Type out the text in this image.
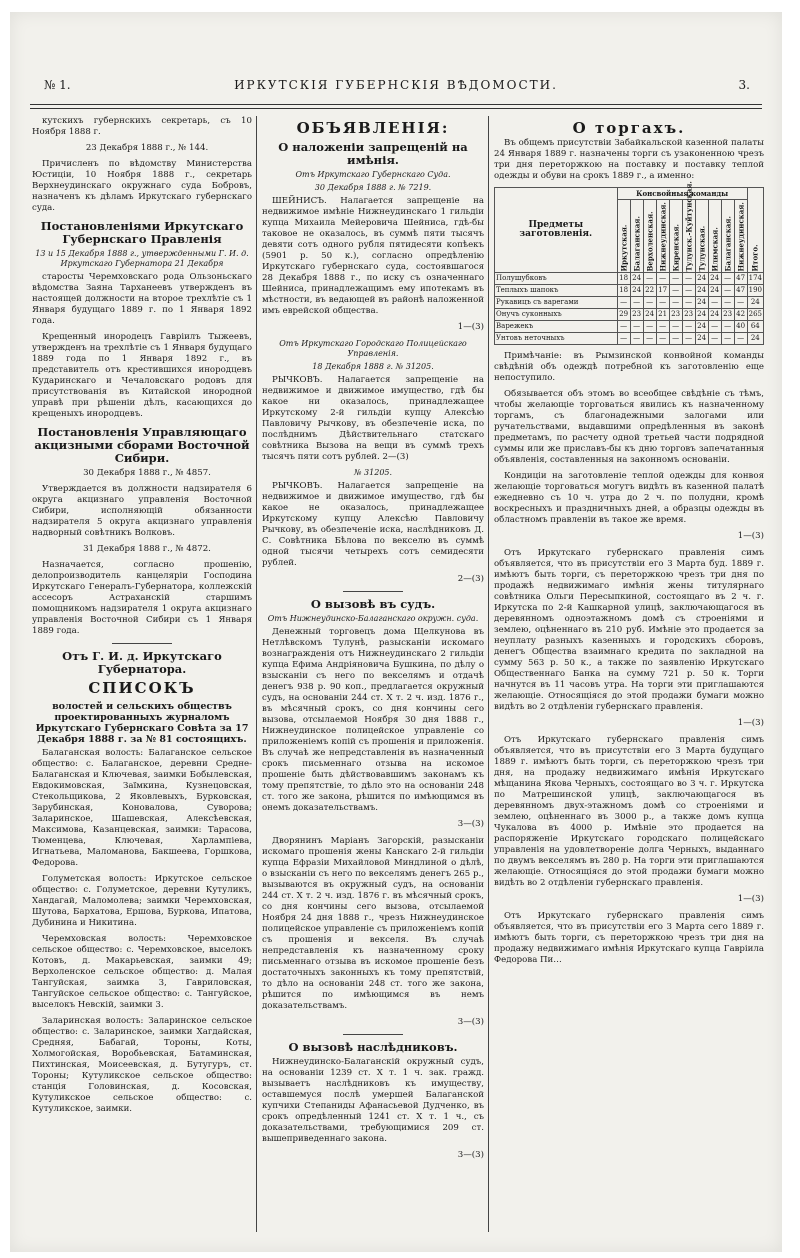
№ 1.	ИРКУТСКІЯ ГУБЕРНСКІЯ ВѢДОМОСТИ.	3.

кутскихъ губернскихъ секретарь, съ 10 Ноября 1888 г.

23 Декабря 1888 г., № 144.

Причисленъ по вѣдомству Министерства Юстиціи, 10 Ноября 1888 г., секретарь Верхнеудинскаго окружнаго суда Бобровъ, назначенъ къ дѣламъ Иркутскаго губернскаго суда.

Постановленіями Иркутскаго Губернскаго Правленія
13 и 15 Декабря 1888 г., утвержденными Г. И. д. Иркутскаго Губернатора 21 Декабря

старосты Черемховскаго рода Ользоньскаго вѣдомства Заяна Тарханеевъ утвержденъ въ настоящей должности на второе трехлѣтіе съ 1 Января будущаго 1889 г. по 1 Января 1892 года.

Крещенный инородецъ Гавріилъ Тыжеевъ, утвержденъ на трехлѣтіе съ 1 Января будущаго 1889 года по 1 Января 1892 г., въ представитель отъ крестившихся инородцевъ Кударинскаго и Чечаловскаго родовъ для присутствованія въ Китайской инородной управѣ при рѣшеніи дѣлъ, касающихся до крещеныхъ инородцевъ.

Постановленія Управляющаго акцизными сборами Восточной Сибири.

30 Декабря 1888 г., № 4857.

Утверждается въ должности надзирателя 6 округа акцизнаго управленія Восточной Сибири, исполняющій обязанности надзирателя 5 округа акцизнаго управленія надворный совѣтникъ Волковъ.

31 Декабря 1888 г., № 4872.

Назначается, согласно прошенію, делопроизводитель канцеляріи Господина Иркутскаго Генералъ-Губернатора, коллежскій ассесоръ Астраханскій старшимъ помощникомъ надзирателя 1 округа акцизнаго управленія Восточной Сибири съ 1 Января 1889 года.

Отъ Г. И. д. Иркутскаго Губернатора.
СПИСОКЪ
волостей и сельскихъ обществъ проектированныхъ журналомъ Иркутскаго Губернскаго Совѣта за 17 Декабря 1888 г. за № 81 состоящихъ.

Балаганская волость: Балаганское сельское общество: с. Балаганское, деревни Средне-Балаганская и Ключевая, заимки Бобылевская, Евдокимовская, Заїмкина, Кузнецовская, Стекольщикова, 2 Яковлевыхъ, Бурковская, Зарубинская, Коновалова, Суворова; Заларинское, Шашевская, Алексѣевская, Максимова, Казанцевская, заимки: Тарасова, Тюменцева, Ключевая, Харлампіева, Игнатьева, Маломанова, Бакшеева, Горшкова, Федорова.

Голуметская волость: Иркутское сельское общество: с. Голуметское, деревни Кутуликъ, Хандагай, Маломолева; заимки Черемховская, Шутова, Бархатова, Ершова, Буркова, Ипатова, Дубинина и Никитина.

Черемховская волость: Черемховское сельское общество: с. Черемховское, выселокъ Котовъ, д. Макарьевская, заимки 49; Верхоленское сельское общество: д. Малая Тангуйская, заимка 3, Гавриловская, Тангуйское сельское общество: с. Тангуйское, выселокъ Невскій, заимки 3.

Заларинская волость: Заларинское сельское общество: с. Заларинское, заимки Хагдайская, Средняя, Бабагай, Тороны, Коты, Холмогойская, Воробьевская, Батаминская, Пихтинская, Моисеевская, д. Бутугуръ, ст. Тороны; Кутуликское сельское общество: станція Головинская, д. Косовская, Кутуликское сельское общество: с. Кутуликское, заимки.

ОБЪЯВЛЕНІЯ:
О наложеніи запрещеній на имѣнія.
Отъ Иркутскаго Губернскаго Суда.
30 Декабря 1888 г. № 7219.

ШЕЙНИСЪ. Налагается запрещеніе на недвижимое имѣніе Нижнеудинскаго 1 гильдіи купца Михаила Мейеровича Шейниса, гдѣ-бы таковое не оказалось, въ суммѣ пяти тысячъ девяти сотъ одного рубля пятидесяти копѣекъ (5901 р. 50 к.), согласно опредѣленію Иркутскаго губернскаго суда, состоявшагося 28 Декабря 1888 г., по иску съ означеннаго Шейниса, принадлежащимъ ему ипотекамъ въ мѣстности, въ ведающей въ районѣ наложенной имъ еврейской общества.

1—(3)
Отъ Иркутскаго Городскаго Полицейскаго Управленія.
18 Декабря 1888 г. № 31205.

РЫЧКОВЪ. Налагается запрещеніе на недвижимое и движимое имущество, гдѣ бы какое ни оказалось, принадлежащее Иркутскому 2-й гильдіи купцу Алексѣю Павловичу Рычкову, въ обезпеченіе иска, по послѣднимъ Дѣйствительнаго статскаго совѣтника Вызова на вещи въ суммѣ трехъ тысячъ пяти сотъ рублей. 2—(3)

№ 31205.

РЫЧКОВЪ. Налагается запрещеніе на недвижимое и движимое имущество, гдѣ бы какое не оказалось, принадлежащее Иркутскому купцу Алексѣю Павловичу Рычкову, въ обезпеченіе иска, наслѣдниковъ Д. С. Совѣтника Бѣлова по векселю въ суммѣ одной тысячи четырехъ сотъ семидесяти рублей.

2—(3)
О вызовѣ въ судъ.
Отъ Нижнеудинско-Балаганскаго окружн. суда.

Денежный торговецъ дома Щелкунова въ Нетлѣвскомъ Тулунѣ, разысканіи искомаго вознагражденія отъ Нижнеудинскаго 2 гильдіи купца Ефима Андріяновича Бушкина, по дѣлу о взысканіи съ него по векселямъ и отдачѣ денегъ 938 р. 90 коп., предлагается окружный судъ, на основаніи 244 ст. Х т. 2 ч. изд. 1876 г., въ мѣсячный срокъ, со дня кончины сего вызова, отсылаемой Ноября 30 дня 1888 г., Нижнеудинское полицейское управленіе со приложеніемъ копій съ прошенія и приложенія. Въ случаѣ же непредставленія въ назначенный срокъ письменнаго отзыва на искомое прошеніе быть дѣйствовавшимъ законамъ къ тому препятствіе, то дѣло это на основаніи 248 ст. того же закона, рѣшится по имѣющимся въ онемъ доказательствамъ.

3—(3)

Дворянинъ Маріанъ Загорскій, разысканіи искомаго прошенія жены Канскаго 2-й гильдіи купца Ефразіи Михайловой Миндлиной о дѣлѣ, о взысканіи съ него по векселямъ денегъ 265 р., вызываются въ окружный судъ, на основаніи 244 ст. Х т. 2 ч. изд. 1876 г. въ мѣсячный срокъ, со дня кончины сего вызова, отсылаемой Ноября 24 дня 1888 г., чрезъ Нижнеудинское полицейское управленіе съ приложеніемъ копій съ прошенія и векселя. Въ случаѣ непредставленія къ назначенному сроку письменнаго отзыва въ искомое прошеніе безъ достаточныхъ законныхъ къ тому препятствій, то дѣло на основаніи 248 ст. того же закона, рѣшится по имѣющимся въ немъ доказательствамъ.

3—(3)
О вызовѣ наслѣдниковъ.

Нижнеудинско-Балаганскій окружный судъ, на основаніи 1239 ст. Х т. 1 ч. зак. гражд. вызываетъ наслѣдниковъ къ имуществу, оставшемуся послѣ умершей Балаганской купчихи Степаниды Афанасьевой Дудченко, въ срокъ опредѣленный 1241 ст. Х т. 1 ч., съ доказательствами, требующимися 209 ст. вышеприведеннаго закона.

3—(3)
О торгахъ.

Въ общемъ присутствіи Забайкальской казенной палаты 24 Января 1889 г. назначены торги съ узаконенною чрезъ три дня переторжкою на поставку и поставку теплой одежды и обуви на срокъ 1889 г., а именно:

Предметы заготовленія.	Консвойныя команды										Итого.
	Иркутская.	Балаганская.	Верхоленская.	Нижнеудинская.	Киренская.	Тулунск.-Куйтунская.	Тулунская.	Илимская.	Балаганская.	Нижнеудинская.	
Полушубковъ	18	24	—	—	—	—	24	24	—	47	174
Теплыхъ шапокъ	18	24	22	17	—	—	24	24	—	47	190
Рукавицъ съ варегами	—	—	—	—	—	—	24	—	—	—	24
Онучъ суконныхъ	29	23	24	21	23	23	24	24	23	42	265
Варежекъ	—	—	—	—	—	—	24	—	—	40	64
Унтовъ неточныхъ	—	—	—	—	—	—	24	—	—	—	24

Примѣчаніе: въ Рымзинской конвойной команды свѣдѣній объ одеждѣ потребной къ заготовленію еще непоступило.

Обязывается объ этомъ во всеобщее свѣдѣніе съ тѣмъ, чтобы желающіе торговаться явились къ назначенному торгамъ, съ благонадежными залогами или ручательствами, выдавшими опредѣленныя въ законѣ предметамъ, по расчету одной третьей части подрядной суммы или же приславъ-бы къ дню торговъ запечатанныя объявленія, составленныя на законномъ основаніи.

Кондиціи на заготовленіе теплой одежды для конвоя желающіе торговаться могутъ видѣть въ казенной палатѣ ежедневно съ 10 ч. утра до 2 ч. по полудни, кромѣ воскресныхъ и праздничныхъ дней, а образцы одежды въ областномъ правленіи въ такое же время.

1—(3)

Отъ Иркутскаго губернскаго правленія симъ объявляется, что въ присутствіи его 3 Марта буд. 1889 г. имѣютъ быть торги, съ переторжкою чрезъ три дня по продажѣ недвижимаго имѣнія жены титулярнаго совѣтника Ольги Пересыпкиной, состоящаго въ 2 ч. г. Иркутска по 2-й Кашкарной улицѣ, заключающагося въ деревянномъ одноэтажномъ домѣ съ строеніями и землею, оцѣненнаго въ 210 руб. Имѣніе это продается за неуплату разныхъ казенныхъ и городскихъ сборовъ, денегъ Общества взаимнаго кредита по закладной на сумму 563 р. 50 к., а также по заявленію Иркутскаго Общественнаго Банка на сумму 721 р. 50 к. Торги начнутся въ 11 часовъ утра. На торги эти приглашаются желающіе. Относящіяся до этой продажи бумаги можно видѣть во 2 отдѣленіи губернскаго правленія.

1—(3)

Отъ Иркутскаго губернскаго правленія симъ объявляется, что въ присутствіи его 3 Марта будущаго 1889 г. имѣютъ быть торги, съ переторжкою чрезъ три дня, на продажу недвижимаго имѣнія Иркутскаго мѣщанина Якова Черныхъ, состоящаго во 3 ч. г. Иркутска по Матрешинской улицѣ, заключающагося въ деревянномъ двух-этажномъ домѣ со строеніями и землею, оцѣненнаго въ 3000 р., а также домъ купца Чукалова въ 4000 р. Имѣніе это продается на распоряженіе Иркутскаго городскаго полицейскаго управленія на удовлетвореніе долга Черныхъ, выданнаго по двумъ векселямъ въ 280 р. На торги эти приглашаются желающіе. Относящіяся до этой продажи бумаги можно видѣть во 2 отдѣленіи губернскаго правленія.

1—(3)

Отъ Иркутскаго губернскаго правленія симъ объявляется, что въ присутствіи его 3 Марта сего 1889 г. имѣютъ быть торги, съ переторжкою чрезъ три дня на продажу недвижимаго имѣнія Иркутскаго купца Гавріила Федорова Пи…
